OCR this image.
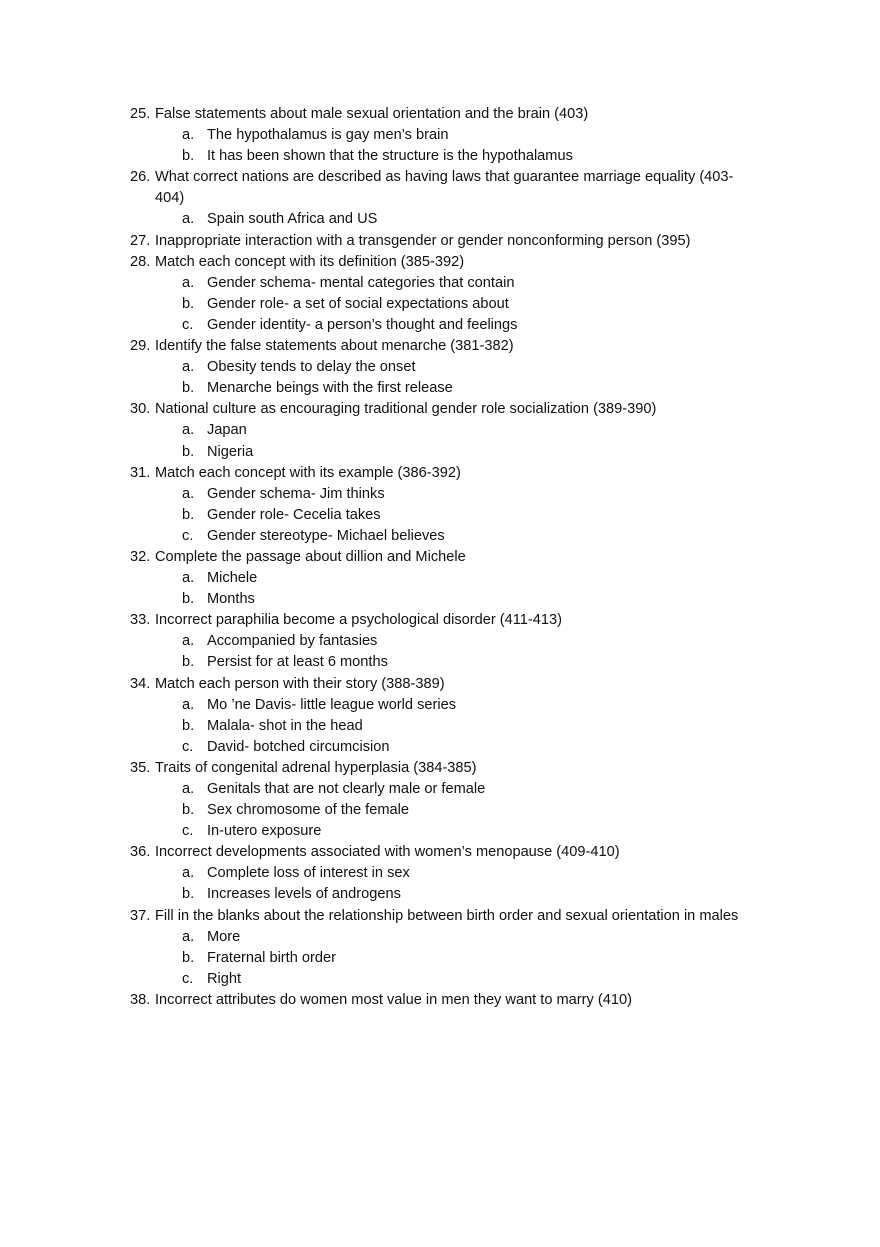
25. False statements about male sexual orientation and the brain (403)
a. The hypothalamus is gay men’s brain
b. It has been shown that the structure is the hypothalamus
26. What correct nations are described as having laws that guarantee marriage equality (403-404)
a. Spain south Africa and US
27. Inappropriate interaction with a transgender or gender nonconforming person (395)
28. Match each concept with its definition (385-392)
a. Gender schema- mental categories that contain
b. Gender role- a set of social expectations about
c. Gender identity- a person’s thought and feelings
29. Identify the false statements about menarche (381-382)
a. Obesity tends to delay the onset
b. Menarche beings with the first release
30. National culture as encouraging traditional gender role socialization (389-390)
a. Japan
b. Nigeria
31. Match each concept with its example (386-392)
a. Gender schema- Jim thinks
b. Gender role- Cecelia takes
c. Gender stereotype- Michael believes
32. Complete the passage about dillion and Michele
a. Michele
b. Months
33. Incorrect paraphilia become a psychological disorder (411-413)
a. Accompanied by fantasies
b. Persist for at least 6 months
34. Match each person with their story (388-389)
a. Mo ’ne Davis- little league world series
b. Malala- shot in the head
c. David- botched circumcision
35. Traits of congenital adrenal hyperplasia (384-385)
a. Genitals that are not clearly male or female
b. Sex chromosome of the female
c. In-utero exposure
36. Incorrect developments associated with women’s menopause (409-410)
a. Complete loss of interest in sex
b. Increases levels of androgens
37. Fill in the blanks about the relationship between birth order and sexual orientation in males
a. More
b. Fraternal birth order
c. Right
38. Incorrect attributes do women most value in men they want to marry (410)
